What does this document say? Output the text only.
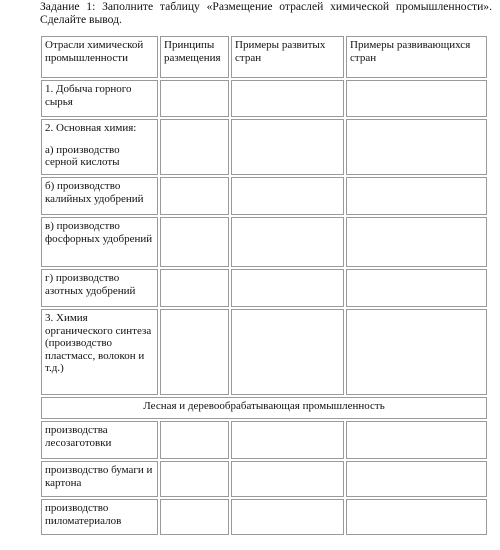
Задание 1: Заполните таблицу «Размещение отраслей химической промышленности». Сделайте вывод.
Отрасли химической промышленности	Принципы размещения	Примеры развитых стран	Примеры развивающихся стран
1. Добыча горного сырья			

2. Основная химия:
а) производство серной кислоты			

б) производство калийных удобрений			
в) производство фосфорных удобрений			
г) производство азотных удобрений			
3. Химия органического синтеза (производство пластмасс, волокон и т.д.)			
Лесная и деревообрабатывающая промышленность			
производства лесозаготовки			
производство бумаги и картона			
производство пиломатериалов			
